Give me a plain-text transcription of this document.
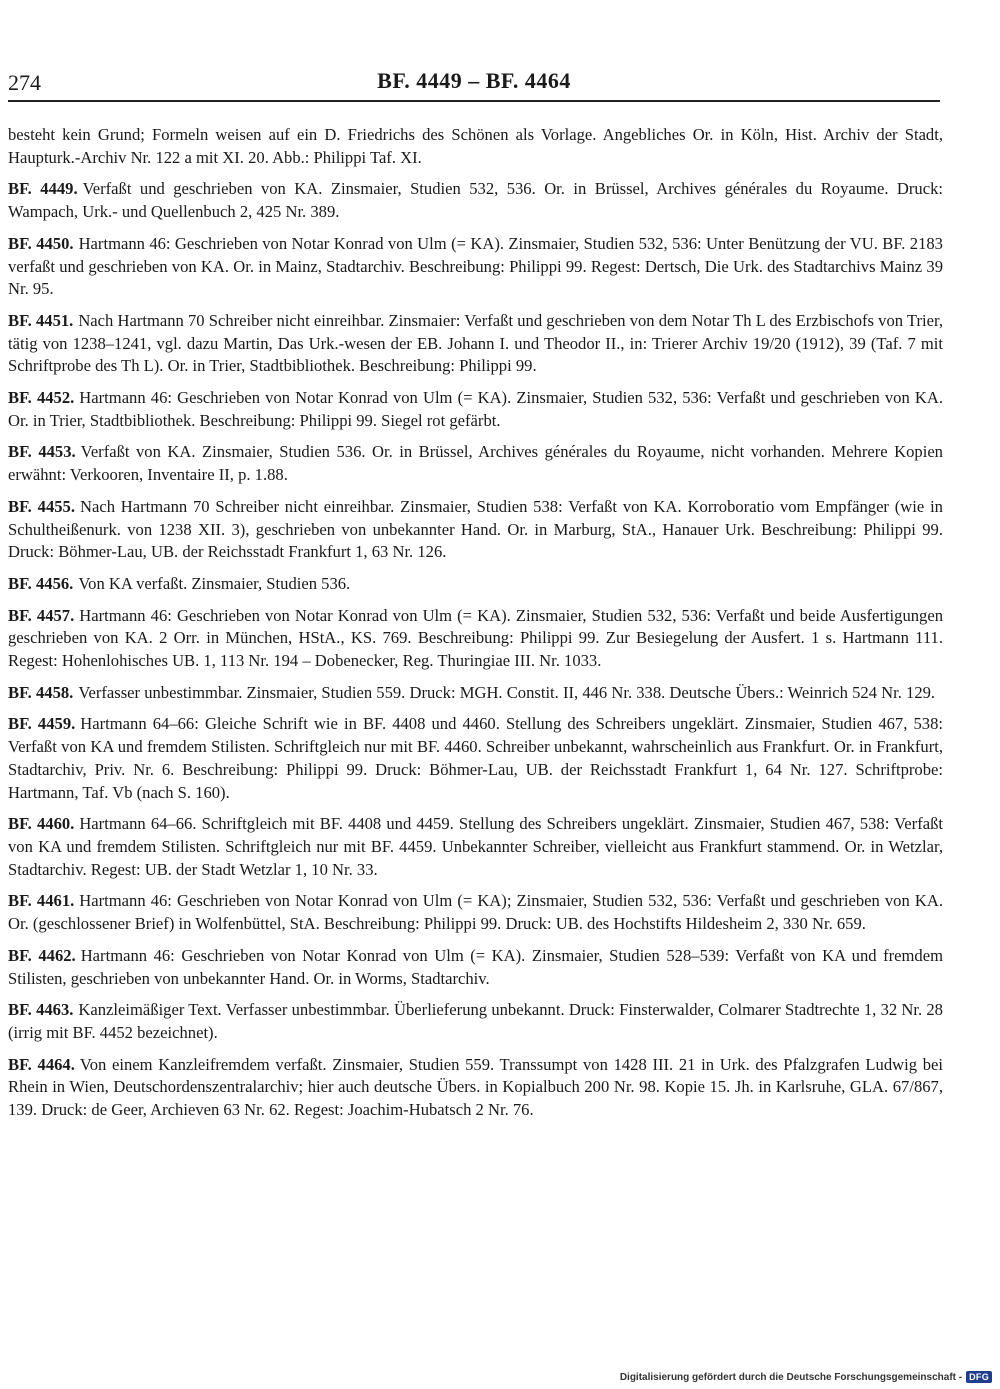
274	BF. 4449 – BF. 4464

besteht kein Grund; Formeln weisen auf ein D. Friedrichs des Schönen als Vorlage. Angebliches Or. in Köln, Hist. Archiv der Stadt, Haupturk.-Archiv Nr. 122 a mit XI. 20. Abb.: Philippi Taf. XI.

BF. 4449. Verfaßt und geschrieben von KA. Zinsmaier, Studien 532, 536. Or. in Brüssel, Archives générales du Royaume. Druck: Wampach, Urk.- und Quellenbuch 2, 425 Nr. 389.

BF. 4450. Hartmann 46: Geschrieben von Notar Konrad von Ulm (= KA). Zinsmaier, Studien 532, 536: Unter Benützung der VU. BF. 2183 verfaßt und geschrieben von KA. Or. in Mainz, Stadtarchiv. Beschreibung: Philippi 99. Regest: Dertsch, Die Urk. des Stadtarchivs Mainz 39 Nr. 95.

BF. 4451. Nach Hartmann 70 Schreiber nicht einreihbar. Zinsmaier: Verfaßt und geschrieben von dem Notar Th L des Erzbischofs von Trier, tätig von 1238–1241, vgl. dazu Martin, Das Urk.-wesen der EB. Johann I. und Theodor II., in: Trierer Archiv 19/20 (1912), 39 (Taf. 7 mit Schriftprobe des Th L). Or. in Trier, Stadtbibliothek. Beschreibung: Philippi 99.

BF. 4452. Hartmann 46: Geschrieben von Notar Konrad von Ulm (= KA). Zinsmaier, Studien 532, 536: Verfaßt und geschrieben von KA. Or. in Trier, Stadtbibliothek. Beschreibung: Philippi 99. Siegel rot gefärbt.

BF. 4453. Verfaßt von KA. Zinsmaier, Studien 536. Or. in Brüssel, Archives générales du Royaume, nicht vorhanden. Mehrere Kopien erwähnt: Verkooren, Inventaire II, p. 1.88.

BF. 4455. Nach Hartmann 70 Schreiber nicht einreihbar. Zinsmaier, Studien 538: Verfaßt von KA. Korroboratio vom Empfänger (wie in Schultheißenurk. von 1238 XII. 3), geschrieben von unbekannter Hand. Or. in Marburg, StA., Hanauer Urk. Beschreibung: Philippi 99. Druck: Böhmer-Lau, UB. der Reichsstadt Frankfurt 1, 63 Nr. 126.

BF. 4456. Von KA verfaßt. Zinsmaier, Studien 536.

BF. 4457. Hartmann 46: Geschrieben von Notar Konrad von Ulm (= KA). Zinsmaier, Studien 532, 536: Verfaßt und beide Ausfertigungen geschrieben von KA. 2 Orr. in München, HStA., KS. 769. Beschreibung: Philippi 99. Zur Besiegelung der Ausfert. 1 s. Hartmann 111. Regest: Hohenlohisches UB. 1, 113 Nr. 194 – Dobenecker, Reg. Thuringiae III. Nr. 1033.

BF. 4458. Verfasser unbestimmbar. Zinsmaier, Studien 559. Druck: MGH. Constit. II, 446 Nr. 338. Deutsche Übers.: Weinrich 524 Nr. 129.

BF. 4459. Hartmann 64–66: Gleiche Schrift wie in BF. 4408 und 4460. Stellung des Schreibers ungeklärt. Zinsmaier, Studien 467, 538: Verfaßt von KA und fremdem Stilisten. Schriftgleich nur mit BF. 4460. Schreiber unbekannt, wahrscheinlich aus Frankfurt. Or. in Frankfurt, Stadtarchiv, Priv. Nr. 6. Beschreibung: Philippi 99. Druck: Böhmer-Lau, UB. der Reichsstadt Frankfurt 1, 64 Nr. 127. Schriftprobe: Hartmann, Taf. Vb (nach S. 160).

BF. 4460. Hartmann 64–66. Schriftgleich mit BF. 4408 und 4459. Stellung des Schreibers ungeklärt. Zinsmaier, Studien 467, 538: Verfaßt von KA und fremdem Stilisten. Schriftgleich nur mit BF. 4459. Unbekannter Schreiber, vielleicht aus Frankfurt stammend. Or. in Wetzlar, Stadtarchiv. Regest: UB. der Stadt Wetzlar 1, 10 Nr. 33.

BF. 4461. Hartmann 46: Geschrieben von Notar Konrad von Ulm (= KA); Zinsmaier, Studien 532, 536: Verfaßt und geschrieben von KA. Or. (geschlossener Brief) in Wolfenbüttel, StA. Beschreibung: Philippi 99. Druck: UB. des Hochstifts Hildesheim 2, 330 Nr. 659.

BF. 4462. Hartmann 46: Geschrieben von Notar Konrad von Ulm (= KA). Zinsmaier, Studien 528–539: Verfaßt von KA und fremdem Stilisten, geschrieben von unbekannter Hand. Or. in Worms, Stadtarchiv.

BF. 4463. Kanzleimäßiger Text. Verfasser unbestimmbar. Überlieferung unbekannt. Druck: Finsterwalder, Colmarer Stadtrechte 1, 32 Nr. 28 (irrig mit BF. 4452 bezeichnet).

BF. 4464. Von einem Kanzleifremdem verfaßt. Zinsmaier, Studien 559. Transsumpt von 1428 III. 21 in Urk. des Pfalzgrafen Ludwig bei Rhein in Wien, Deutschordenszentralarchiv; hier auch deutsche Übers. in Kopialbuch 200 Nr. 98. Kopie 15. Jh. in Karlsruhe, GLA. 67/867, 139. Druck: de Geer, Archieven 63 Nr. 62. Regest: Joachim-Hubatsch 2 Nr. 76.

Digitalisierung gefördert durch die Deutsche Forschungsgemeinschaft - DFG
